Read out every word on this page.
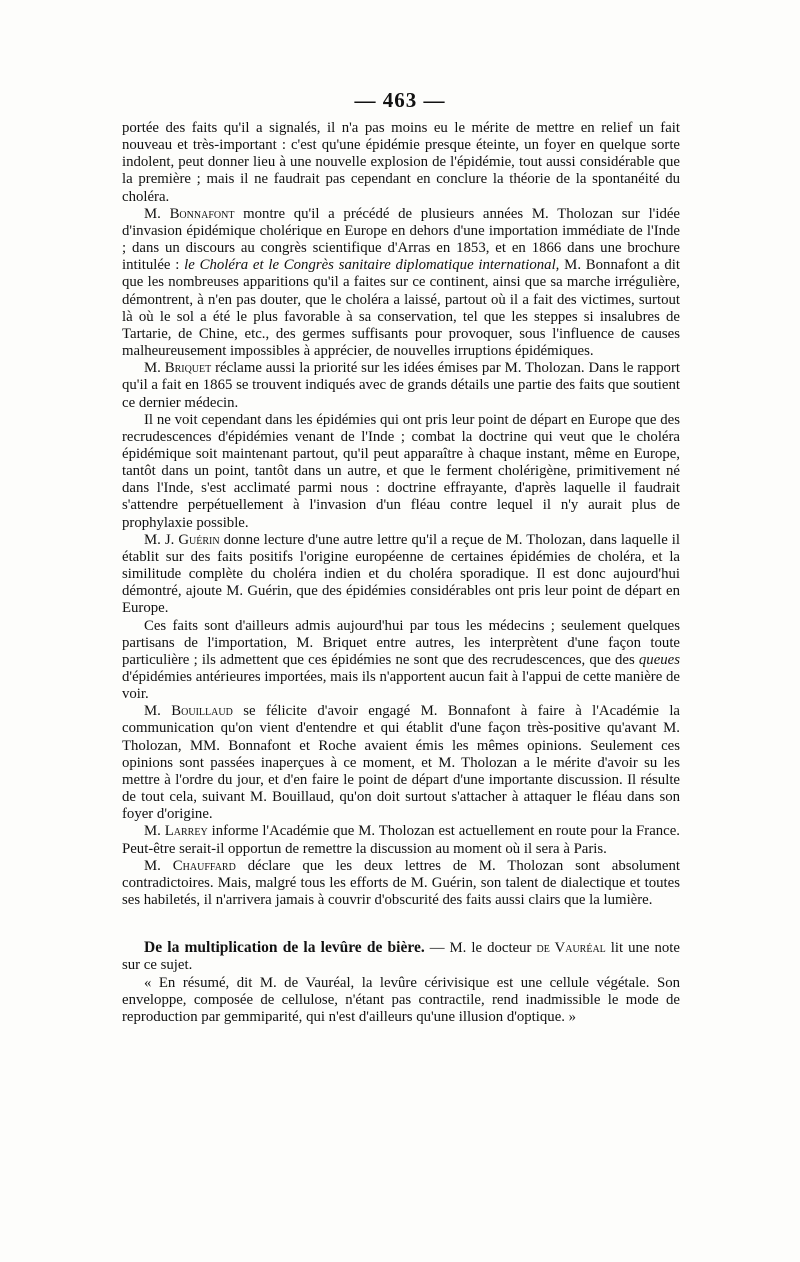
— 463 —

portée des faits qu'il a signalés, il n'a pas moins eu le mérite de mettre en relief un fait nouveau et très-important : c'est qu'une épidémie presque éteinte, un foyer en quelque sorte indolent, peut donner lieu à une nouvelle explosion de l'épidémie, tout aussi considérable que la première ; mais il ne faudrait pas cependant en conclure la théorie de la spontanéité du choléra.

M. Bonnafont montre qu'il a précédé de plusieurs années M. Tholozan sur l'idée d'invasion épidémique cholérique en Europe en dehors d'une importation immédiate de l'Inde ; dans un discours au congrès scientifique d'Arras en 1853, et en 1866 dans une brochure intitulée : le Choléra et le Congrès sanitaire diplomatique international, M. Bonnafont a dit que les nombreuses apparitions qu'il a faites sur ce continent, ainsi que sa marche irrégulière, démontrent, à n'en pas douter, que le choléra a laissé, partout où il a fait des victimes, surtout là où le sol a été le plus favorable à sa conservation, tel que les steppes si insalubres de Tartarie, de Chine, etc., des germes suffisants pour provoquer, sous l'influence de causes malheureusement impossibles à apprécier, de nouvelles irruptions épidémiques.

M. Briquet réclame aussi la priorité sur les idées émises par M. Tholozan. Dans le rapport qu'il a fait en 1865 se trouvent indiqués avec de grands détails une partie des faits que soutient ce dernier médecin.

Il ne voit cependant dans les épidémies qui ont pris leur point de départ en Europe que des recrudescences d'épidémies venant de l'Inde ; combat la doctrine qui veut que le choléra épidémique soit maintenant partout, qu'il peut apparaître à chaque instant, même en Europe, tantôt dans un point, tantôt dans un autre, et que le ferment cholérigène, primitivement né dans l'Inde, s'est acclimaté parmi nous : doctrine effrayante, d'après laquelle il faudrait s'attendre perpétuellement à l'invasion d'un fléau contre lequel il n'y aurait plus de prophylaxie possible.

M. J. Guérin donne lecture d'une autre lettre qu'il a reçue de M. Tholozan, dans laquelle il établit sur des faits positifs l'origine européenne de certaines épidémies de choléra, et la similitude complète du choléra indien et du choléra sporadique. Il est donc aujourd'hui démontré, ajoute M. Guérin, que des épidémies considérables ont pris leur point de départ en Europe.

Ces faits sont d'ailleurs admis aujourd'hui par tous les médecins ; seulement quelques partisans de l'importation, M. Briquet entre autres, les interprètent d'une façon toute particulière ; ils admettent que ces épidémies ne sont que des recrudescences, que des queues d'épidémies antérieures importées, mais ils n'apportent aucun fait à l'appui de cette manière de voir.

M. Bouillaud se félicite d'avoir engagé M. Bonnafont à faire à l'Académie la communication qu'on vient d'entendre et qui établit d'une façon très-positive qu'avant M. Tholozan, MM. Bonnafont et Roche avaient émis les mêmes opinions. Seulement ces opinions sont passées inaperçues à ce moment, et M. Tholozan a le mérite d'avoir su les mettre à l'ordre du jour, et d'en faire le point de départ d'une importante discussion. Il résulte de tout cela, suivant M. Bouillaud, qu'on doit surtout s'attacher à attaquer le fléau dans son foyer d'origine.

M. Larrey informe l'Académie que M. Tholozan est actuellement en route pour la France. Peut-être serait-il opportun de remettre la discussion au moment où il sera à Paris.

M. Chauffard déclare que les deux lettres de M. Tholozan sont absolument contradictoires. Mais, malgré tous les efforts de M. Guérin, son talent de dialectique et toutes ses habiletés, il n'arrivera jamais à couvrir d'obscurité des faits aussi clairs que la lumière.

De la multiplication de la levûre de bière. — M. le docteur de Vauréal lit une note sur ce sujet.

« En résumé, dit M. de Vauréal, la levûre cérivisique est une cellule végétale. Son enveloppe, composée de cellulose, n'étant pas contractile, rend inadmissible le mode de reproduction par gemmiparité, qui n'est d'ailleurs qu'une illusion d'optique. »
